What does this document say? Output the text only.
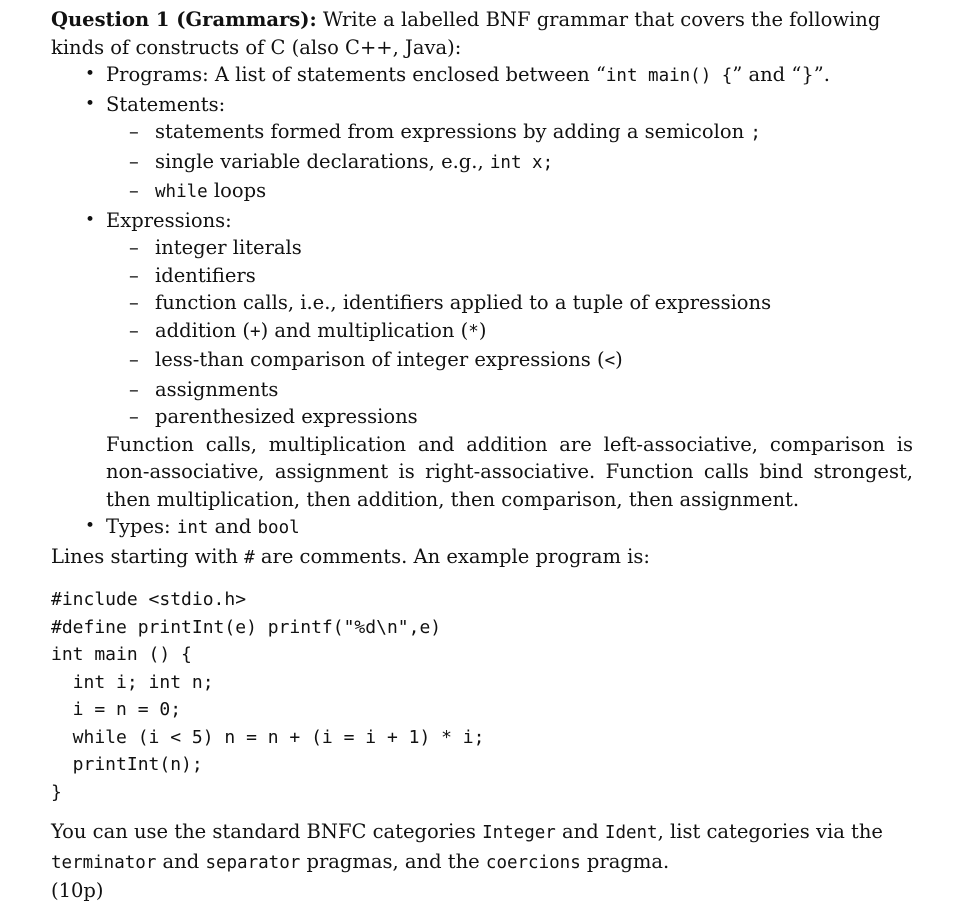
Question 1 (Grammars): Write a labelled BNF grammar that covers the following
kinds of constructs of C (also C++, Java):
• Programs: A list of statements enclosed between “int main() {” and “}”.
• Statements:
– statements formed from expressions by adding a semicolon ;
– single variable declarations, e.g., int x;
– while loops
• Expressions:
– integer literals
– identifiers
– function calls, i.e., identifiers applied to a tuple of expressions
– addition (+) and multiplication (*)
– less-than comparison of integer expressions (<)
– assignments
– parenthesized expressions
Function calls, multiplication and addition are left-associative, comparison is non-associative, assignment is right-associative. Function calls bind strongest, then multiplication, then addition, then comparison, then assignment.
• Types: int and bool
Lines starting with # are comments. An example program is:
#include <stdio.h>
#define printInt(e) printf("%d\n",e)
int main () {
int i; int n;
i = n = 0;
while (i < 5) n = n + (i = i + 1) * i;
printInt(n);
}
You can use the standard BNFC categories Integer and Ident, list categories via the
terminator and separator pragmas, and the coercions pragma.
(10p)
